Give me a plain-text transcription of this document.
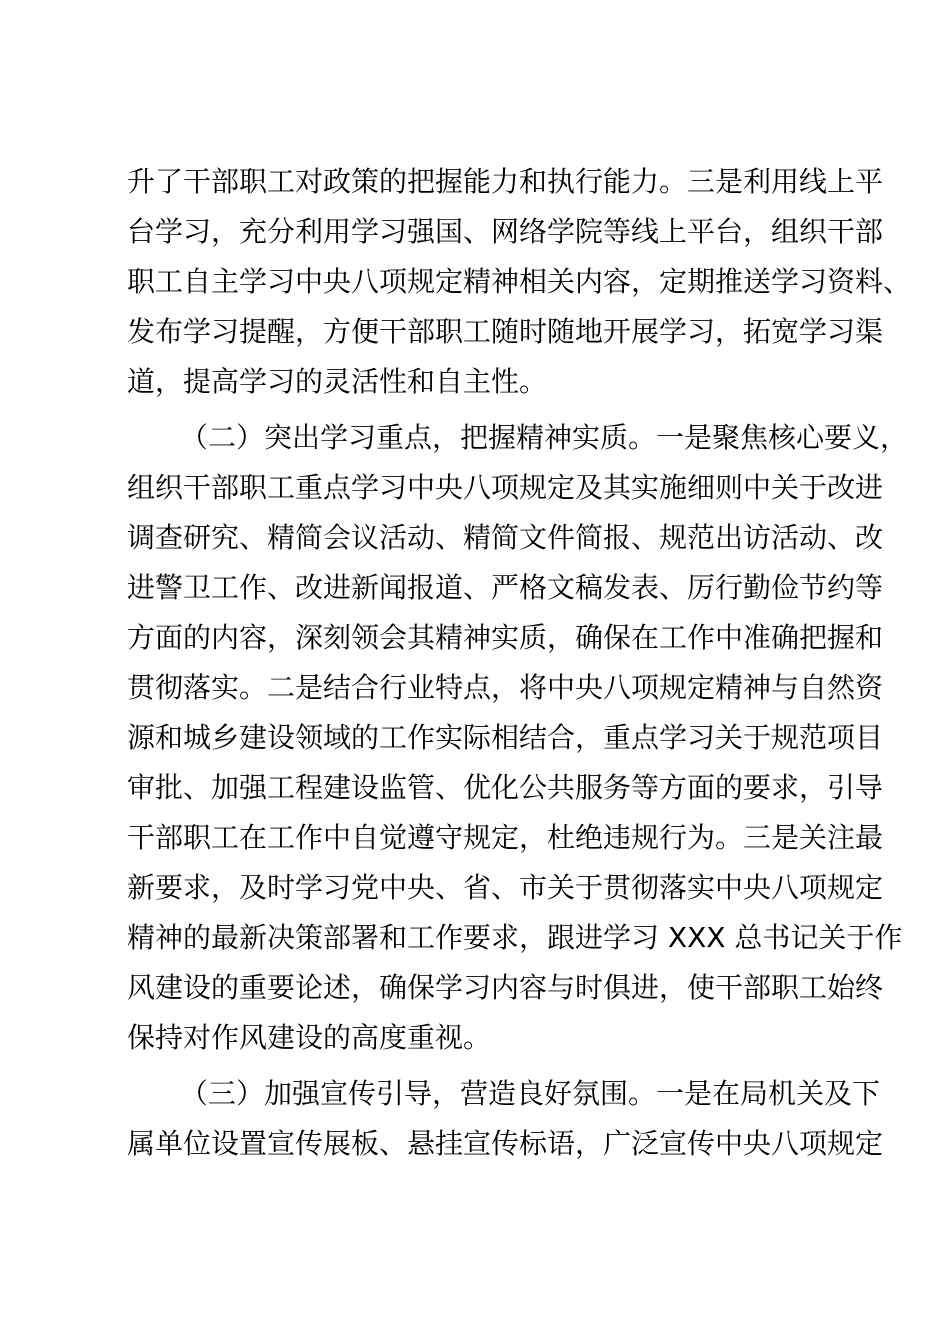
升了干部职工对政策的把握能力和执行能力。三是利用线上平
台学习，充分利用学习强国、网络学院等线上平台，组织干部
职工自主学习中央八项规定精神相关内容，定期推送学习资料、
发布学习提醒，方便干部职工随时随地开展学习，拓宽学习渠
道，提高学习的灵活性和自主性。
（二）突出学习重点，把握精神实质。一是聚焦核心要义，
组织干部职工重点学习中央八项规定及其实施细则中关于改进
调查研究、精简会议活动、精简文件简报、规范出访活动、改
进警卫工作、改进新闻报道、严格文稿发表、厉行勤俭节约等
方面的内容，深刻领会其精神实质，确保在工作中准确把握和
贯彻落实。二是结合行业特点，将中央八项规定精神与自然资
源和城乡建设领域的工作实际相结合，重点学习关于规范项目
审批、加强工程建设监管、优化公共服务等方面的要求，引导
干部职工在工作中自觉遵守规定，杜绝违规行为。三是关注最
新要求，及时学习党中央、省、市关于贯彻落实中央八项规定
精神的最新决策部署和工作要求，跟进学习 XXX 总书记关于作
风建设的重要论述，确保学习内容与时俱进，使干部职工始终
保持对作风建设的高度重视。
（三）加强宣传引导，营造良好氛围。一是在局机关及下
属单位设置宣传展板、悬挂宣传标语，广泛宣传中央八项规定
